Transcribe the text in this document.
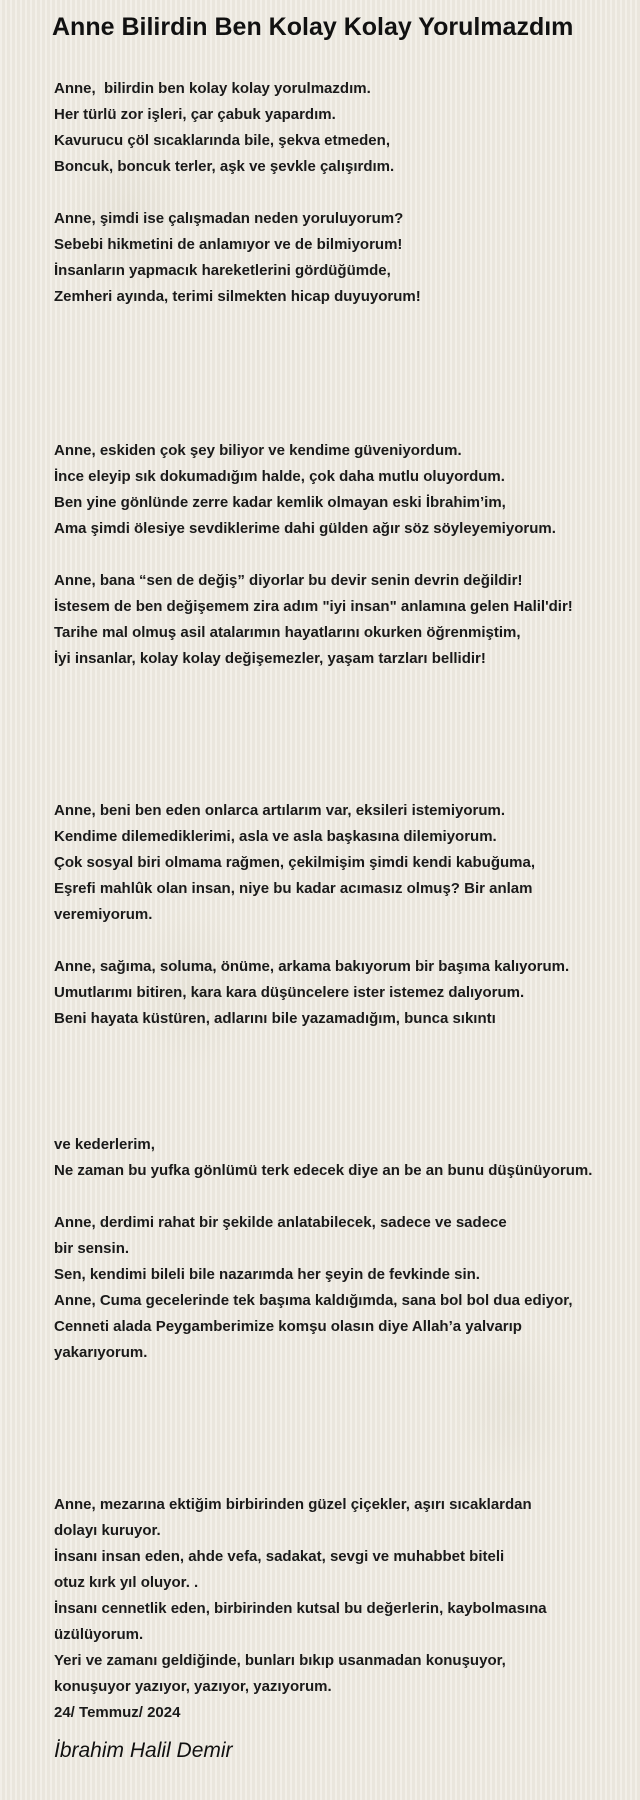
Anne Bilirdin Ben Kolay Kolay Yorulmazdım
Anne,  bilirdin ben kolay kolay yorulmazdım.
Her türlü zor işleri, çar çabuk yapardım.
Kavurucu çöl sıcaklarında bile, şekva etmeden,
Boncuk, boncuk terler, aşk ve şevkle çalışırdım.
Anne, şimdi ise çalışmadan neden yoruluyorum?
Sebebi hikmetini de anlamıyor ve de bilmiyorum!
İnsanların yapmacık hareketlerini gördüğümde,
Zemheri ayında, terimi silmekten hicap duyuyorum!
Anne, eskiden çok şey biliyor ve kendime güveniyordum.
İnce eleyip sık dokumadığım halde, çok daha mutlu oluyordum.
Ben yine gönlünde zerre kadar kemlik olmayan eski İbrahim’im,
Ama şimdi ölesiye sevdiklerime dahi gülden ağır söz söyleyemiyorum.
Anne, bana “sen de değiş” diyorlar bu devir senin devrin değildir!
İstesem de ben değişemem zira adım "iyi insan" anlamına gelen Halil'dir!
Tarihe mal olmuş asil atalarımın hayatlarını okurken öğrenmiştim,
İyi insanlar, kolay kolay değişemezler, yaşam tarzları bellidir!
Anne, beni ben eden onlarca artılarım var, eksileri istemiyorum.
Kendime dilemediklerimi, asla ve asla başkasına dilemiyorum.
Çok sosyal biri olmama rağmen, çekilmişim şimdi kendi kabuğuma,
Eşrefi mahlûk olan insan, niye bu kadar acımasız olmuş? Bir anlam
veremiyorum.
Anne, sağıma, soluma, önüme, arkama bakıyorum bir başıma kalıyorum.
Umutlarımı bitiren, kara kara düşüncelere ister istemez dalıyorum.
Beni hayata küstüren, adlarını bile yazamadığım, bunca sıkıntı
ve kederlerim,
Ne zaman bu yufka gönlümü terk edecek diye an be an bunu düşünüyorum.
Anne, derdimi rahat bir şekilde anlatabilecek, sadece ve sadece
bir sensin.
Sen, kendimi bileli bile nazarımda her şeyin de fevkinde sin.
Anne, Cuma gecelerinde tek başıma kaldığımda, sana bol bol dua ediyor,
Cenneti alada Peygamberimize komşu olasın diye Allah’a yalvarıp
yakarıyorum.
Anne, mezarına ektiğim birbirinden güzel çiçekler, aşırı sıcaklardan
dolayı kuruyor.
İnsanı insan eden, ahde vefa, sadakat, sevgi ve muhabbet biteli
otuz kırk yıl oluyor. .
İnsanı cennetlik eden, birbirinden kutsal bu değerlerin, kaybolmasına
üzülüyorum.
Yeri ve zamanı geldiğinde, bunları bıkıp usanmadan konuşuyor,
konuşuyor yazıyor, yazıyor, yazıyorum.
24/ Temmuz/ 2024
İbrahim Halil Demir
